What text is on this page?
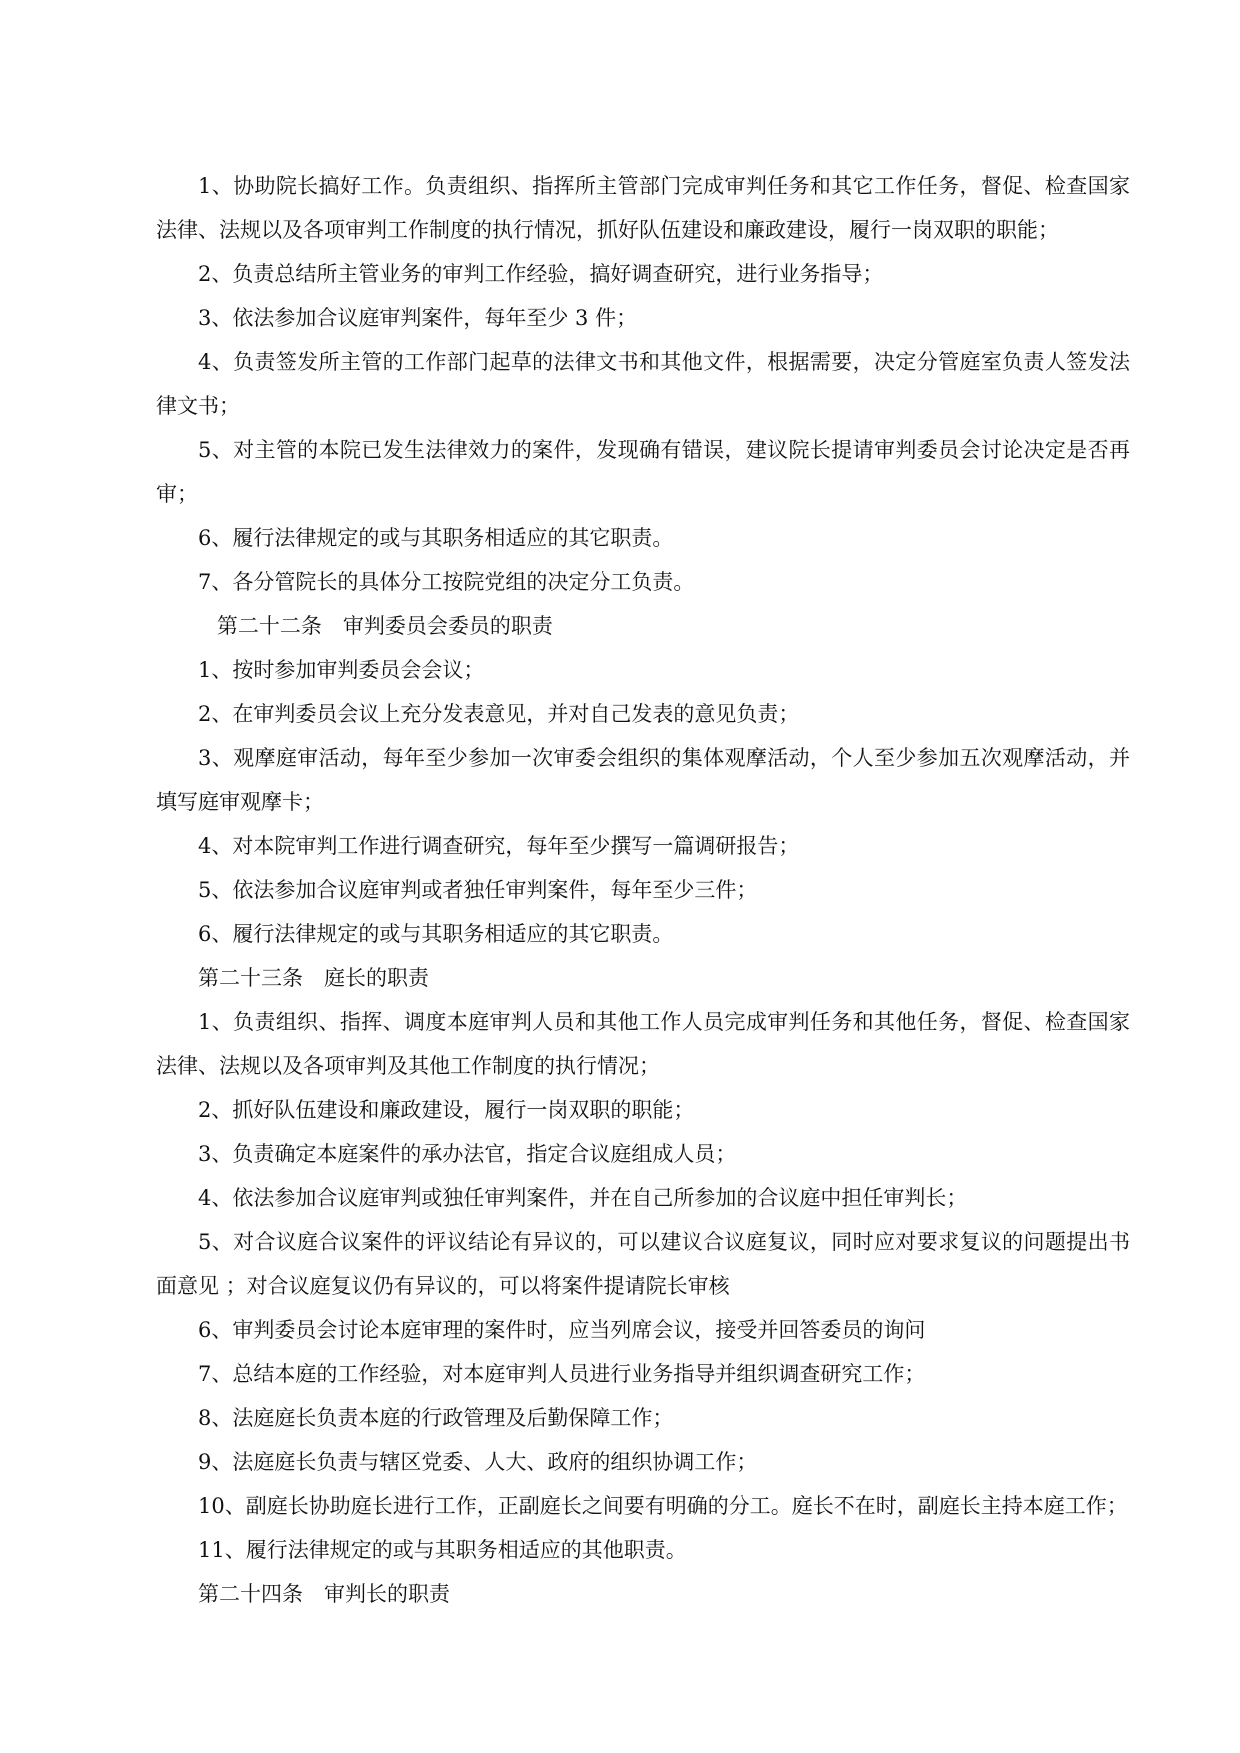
1、协助院长搞好工作。负责组织、指挥所主管部门完成审判任务和其它工作任务，督促、检查国家法律、法规以及各项审判工作制度的执行情况，抓好队伍建设和廉政建设，履行一岗双职的职能；

2、负责总结所主管业务的审判工作经验，搞好调查研究，进行业务指导；

3、依法参加合议庭审判案件，每年至少 3 件；

4、负责签发所主管的工作部门起草的法律文书和其他文件，根据需要，决定分管庭室负责人签发法律文书；

5、对主管的本院已发生法律效力的案件，发现确有错误，建议院长提请审判委员会讨论决定是否再审；

6、履行法律规定的或与其职务相适应的其它职责。

7、各分管院长的具体分工按院党组的决定分工负责。

第二十二条　审判委员会委员的职责

1、按时参加审判委员会会议；

2、在审判委员会议上充分发表意见，并对自己发表的意见负责；

3、观摩庭审活动，每年至少参加一次审委会组织的集体观摩活动，个人至少参加五次观摩活动，并填写庭审观摩卡；

4、对本院审判工作进行调查研究，每年至少撰写一篇调研报告；

5、依法参加合议庭审判或者独任审判案件，每年至少三件；

6、履行法律规定的或与其职务相适应的其它职责。

第二十三条　庭长的职责

1、负责组织、指挥、调度本庭审判人员和其他工作人员完成审判任务和其他任务，督促、检查国家法律、法规以及各项审判及其他工作制度的执行情况；

2、抓好队伍建设和廉政建设，履行一岗双职的职能；

3、负责确定本庭案件的承办法官，指定合议庭组成人员；

4、依法参加合议庭审判或独任审判案件，并在自己所参加的合议庭中担任审判长；

5、对合议庭合议案件的评议结论有异议的，可以建议合议庭复议，同时应对要求复议的问题提出书面意见 ；对合议庭复议仍有异议的，可以将案件提请院长审核

6、审判委员会讨论本庭审理的案件时，应当列席会议，接受并回答委员的询问

7、总结本庭的工作经验，对本庭审判人员进行业务指导并组织调查研究工作；

8、法庭庭长负责本庭的行政管理及后勤保障工作；

9、法庭庭长负责与辖区党委、人大、政府的组织协调工作；

10、副庭长协助庭长进行工作，正副庭长之间要有明确的分工。庭长不在时，副庭长主持本庭工作；

11、履行法律规定的或与其职务相适应的其他职责。

第二十四条　审判长的职责
